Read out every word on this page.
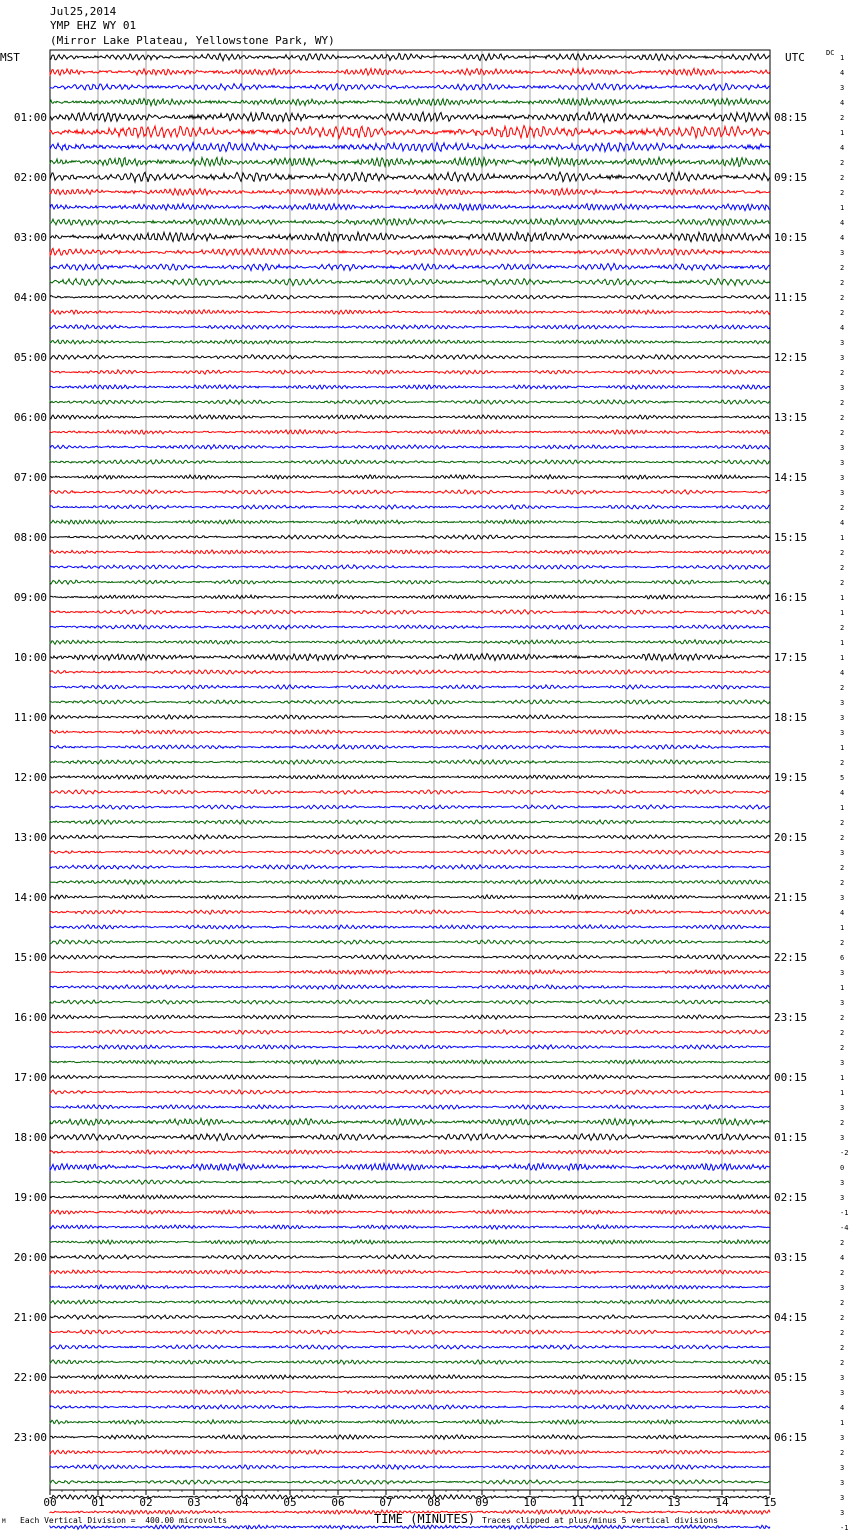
Jul25,2014
YMP EHZ WY 01
(Mirror Lake Plateau, Yellowstone Park, WY)
MST	UTC	DC
00	01	02	03	04	05	06	07	08	09	10	11	12	13	14	15
1
4
3
4
2
1
4
2
2
2
1
4
4
3
2
2
2
2
4
3
3
2
3
2
2
2
3
3
3
3
2
4
1
2
2
2
1
1
2
1
1
4
2
3
3
3
1
2
5
4
1
2
2
3
2
2
3
4
1
2
6
3
1
3
2
2
2
3
1
1
3
2
3
-2
0
3
3
-1
-4
2
4
2
3
2
2
2
2
2
3
3
4
1
3
2
3
3
3
3
-1
01:00	08:15
02:00	09:15
03:00	10:15
04:00	11:15
05:00	12:15
06:00	13:15
07:00	14:15
08:00	15:15
09:00	16:15
10:00	17:15
11:00	18:15
12:00	19:15
13:00	20:15
14:00	21:15
15:00	22:15
16:00	23:15
17:00	00:15
18:00	01:15
19:00	02:15
20:00	03:15
21:00	04:15
22:00	05:15
23:00	06:15
M Each Vertical Division =  400.00 microvolts	TIME (MINUTES) Traces clipped at plus/minus 5 vertical divisions
